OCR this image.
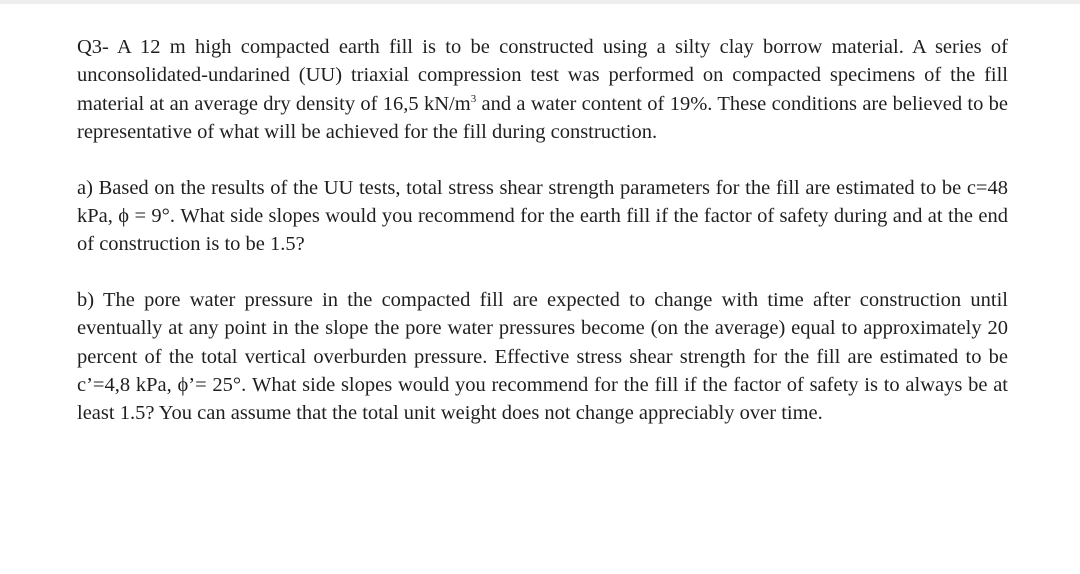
Q3- A 12 m high compacted earth fill is to be constructed using a silty clay borrow material. A series of unconsolidated-undarined (UU) triaxial compression test was performed on compacted specimens of the fill material at an average dry density of 16,5 $kN/m^3$ and a water content of 19%. These conditions are believed to be representative of what will be achieved for the fill during construction.

a) Based on the results of the UU tests, total stress shear strength parameters for the fill are estimated to be c=48 kPa, ϕ = 9°. What side slopes would you recommend for the earth fill if the factor of safety during and at the end of construction is to be 1.5?

b) The pore water pressure in the compacted fill are expected to change with time after construction until eventually at any point in the slope the pore water pressures become (on the average) equal to approximately 20 percent of the total vertical overburden pressure. Effective stress shear strength for the fill are estimated to be c’=4,8 kPa, ϕ’= 25°. What side slopes would you recommend for the fill if the factor of safety is to always be at least 1.5? You can assume that the total unit weight does not change appreciably over time.
